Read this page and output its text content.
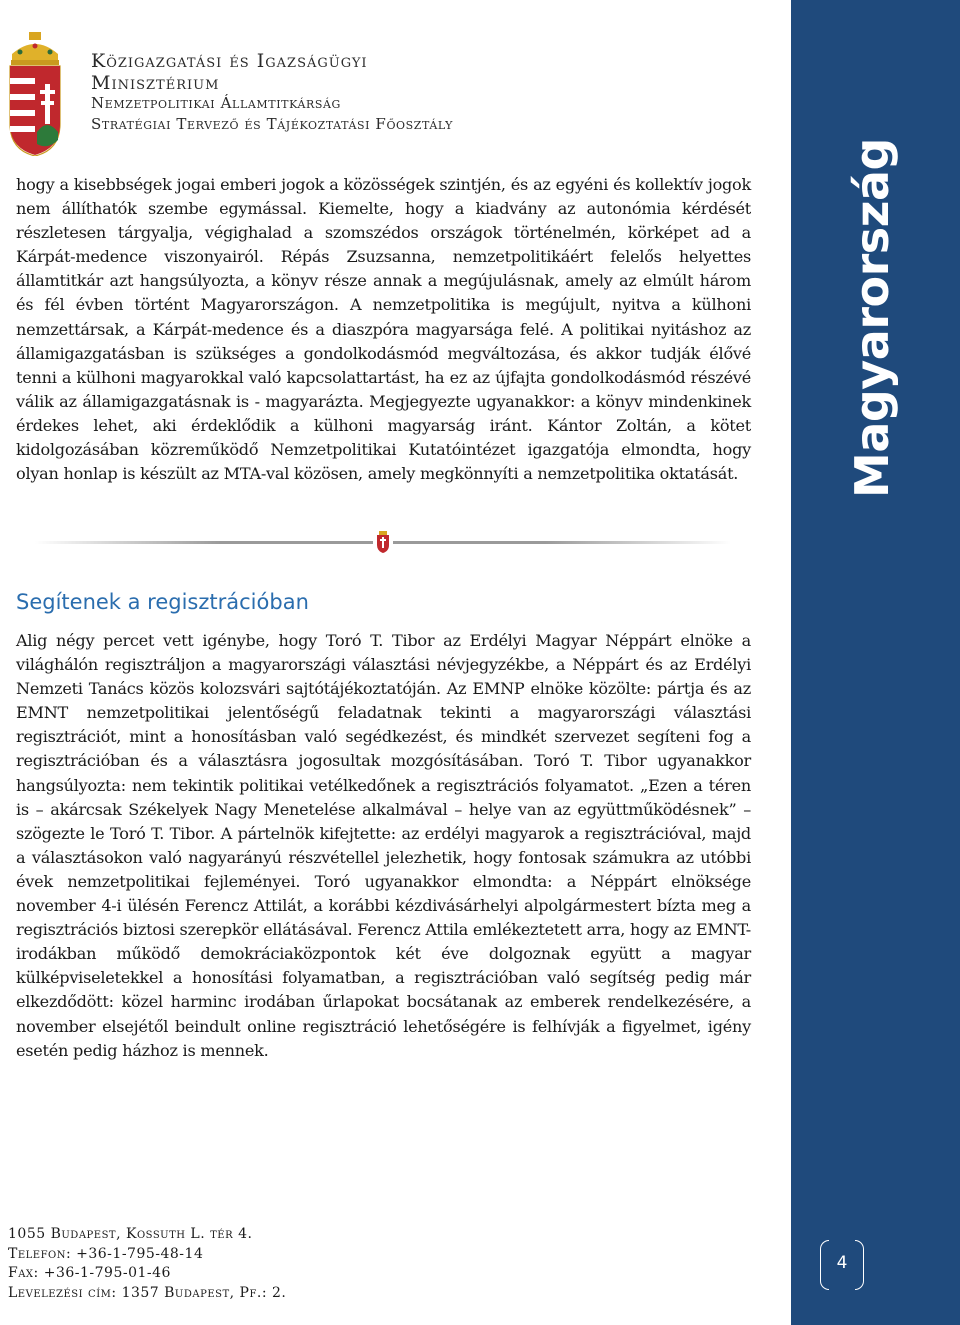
Közigazgatási és Igazságügyi
Minisztérium
Nemzetpolitikai Államtitkárság
Stratégiai Tervező és Tájékoztatási Főosztály

hogy a kisebbségek jogai emberi jogok a közösségek szintjén, és az egyéni és kollektív jogok nem állíthatók szembe egymással. Kiemelte, hogy a kiadvány az autonómia kérdését részletesen tárgyalja, végighalad a szomszédos országok történelmén, körképet ad a Kárpát-medence viszonyairól. Répás Zsuzsanna, nemzetpolitikáért felelős helyettes államtitkár azt hangsúlyozta, a könyv része annak a megújulásnak, amely az elmúlt három és fél évben történt Magyarországon. A nemzetpolitika is megújult, nyitva a külhoni nemzettársak, a Kárpát-medence és a diaszpóra magyarsága felé. A politikai nyitáshoz az államigazgatásban is szükséges a gondolkodásmód megváltozása, és akkor tudják élővé tenni a külhoni magyarokkal való kapcsolattartást, ha ez az újfajta gondolkodásmód részévé válik az államigazgatásnak is - magyarázta. Megjegyezte ugyanakkor: a könyv mindenkinek érdekes lehet, aki érdeklődik a külhoni magyarság iránt. Kántor Zoltán, a kötet kidolgozásában közreműködő Nemzetpolitikai Kutatóintézet igazgatója elmondta, hogy olyan honlap is készült az MTA-val közösen, amely megkönnyíti a nemzetpolitika oktatását.

Segítenek a regisztrációban

Alig négy percet vett igénybe, hogy Toró T. Tibor az Erdélyi Magyar Néppárt elnöke a világhálón regisztráljon a magyarországi választási névjegyzékbe, a Néppárt és az Erdélyi Nemzeti Tanács közös kolozsvári sajtótájékoztatóján. Az EMNP elnöke közölte: pártja és az EMNT nemzetpolitikai jelentőségű feladatnak tekinti a magyarországi választási regisztrációt, mint a honosításban való segédkezést, és mindkét szervezet segíteni fog a regisztrációban és a választásra jogosultak mozgósításában. Toró T. Tibor ugyanakkor hangsúlyozta: nem tekintik politikai vetélkedőnek a regisztrációs folyamatot. „Ezen a téren is – akárcsak Székelyek Nagy Menetelése alkalmával – helye van az együttműködésnek” – szögezte le Toró T. Tibor. A pártelnök kifejtette: az erdélyi magyarok a regisztrációval, majd a választásokon való nagyarányú részvétellel jelezhetik, hogy fontosak számukra az utóbbi évek nemzetpolitikai fejleményei. Toró ugyanakkor elmondta: a Néppárt elnöksége november 4-i ülésén Ferencz Attilát, a korábbi kézdivásárhelyi alpolgármestert bízta meg a regisztrációs biztosi szerepkör ellátásával. Ferencz Attila emlékeztetett arra, hogy az EMNT-irodákban működő demokráciaközpontok két éve dolgoznak együtt a magyar külképviseletekkel a honosítási folyamatban, a regisztrációban való segítség pedig már elkezdődött: közel harminc irodában űrlapokat bocsátanak az emberek rendelkezésére, a november elsejétől beindult online regisztráció lehetőségére is felhívják a figyelmet, igény esetén pedig házhoz is mennek.

1055 Budapest, Kossuth L. tér 4.
Telefon: +36-1-795-48-14
Fax: +36-1-795-01-46
Levelezési cím: 1357 Budapest, Pf.: 2.
Magyarország
4
